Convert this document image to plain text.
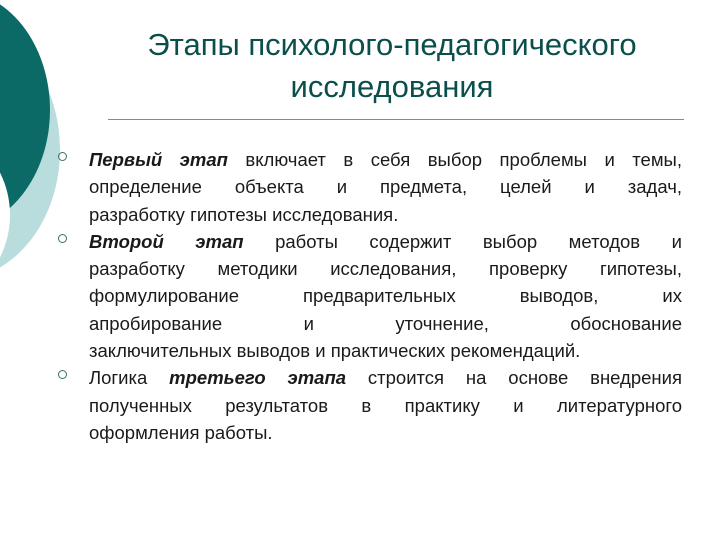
Этапы психолого-педагогического
исследования
Первый этап включает в себя выбор проблемы и темы,
определение объекта и предмета, целей и задач,
разработку гипотезы исследования.
Второй этап работы содержит выбор методов и
разработку методики исследования, проверку гипотезы,
формулирование предварительных выводов, их
апробирование и уточнение, обоснование
заключительных выводов и практических рекомендаций.
Логика третьего этапа строится на основе внедрения
полученных результатов в практику и литературного
оформления работы.
